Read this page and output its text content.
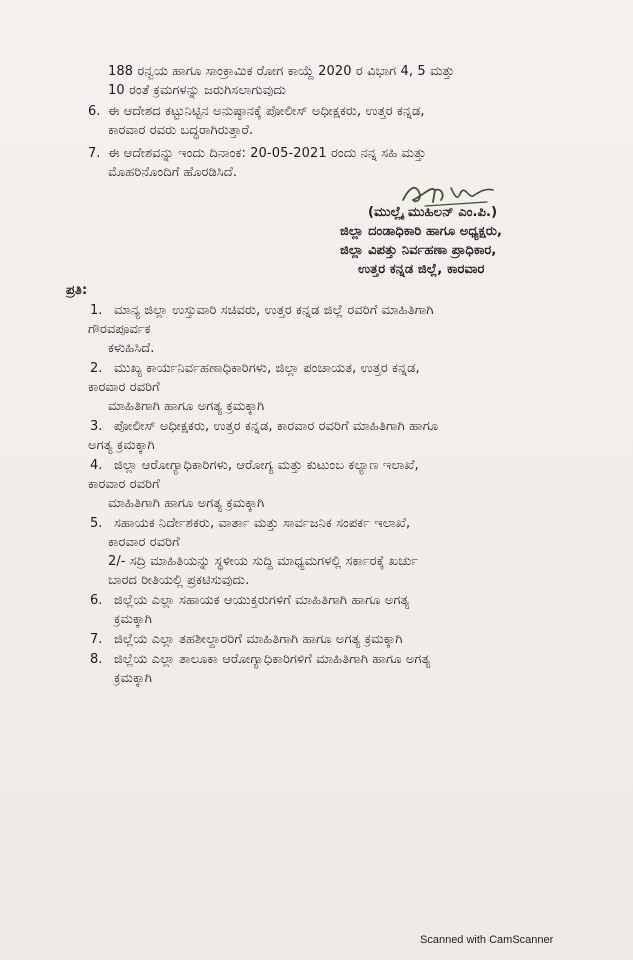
188 ರನ್ವಯ ಹಾಗೂ ಸಾಂಕ್ರಾಮಿಕ ರೋಗ ಕಾಯ್ದೆ 2020 ರ ವಿಭಾಗ 4, 5 ಮತ್ತು
10 ರಂತೆ ಕ್ರಮಗಳನ್ನು ಜರುಗಿಸಲಾಗುವುದು
6. ಈ ಆದೇಶದ ಕಟ್ಟುನಿಟ್ಟಿನ ಅನುಷ್ಠಾನಕ್ಕೆ ಪೋಲೀಸ್ ಅಧೀಕ್ಷಕರು, ಉತ್ತರ ಕನ್ನಡ,
ಕಾರವಾರ ರವರು ಬದ್ಧರಾಗಿರುತ್ತಾರೆ.
7. ಈ ಆದೇಶವನ್ನು ಇಂದು ದಿನಾಂಕ: 20-05-2021 ರಂದು ನನ್ನ ಸಹಿ ಮತ್ತು
ಮೊಹರಿನೊಂದಿಗೆ ಹೊರಡಿಸಿದೆ.
(ಮುಲ್ಲೈ ಮುಹಿಲನ್ ಎಂ.ಪಿ.)
ಜಿಲ್ಲಾ ದಂಡಾಧಿಕಾರಿ ಹಾಗೂ ಅಧ್ಯಕ್ಷರು,
ಜಿಲ್ಲಾ ವಿಪತ್ತು ನಿರ್ವಹಣಾ ಪ್ರಾಧಿಕಾರ,
ಉತ್ತರ ಕನ್ನಡ ಜಿಲ್ಲೆ, ಕಾರವಾರ
ಪ್ರತಿ:
1. ಮಾನ್ಯ ಜಿಲ್ಲಾ ಉಸ್ತುವಾರಿ ಸಚಿವರು, ಉತ್ತರ ಕನ್ನಡ ಜಿಲ್ಲೆ ರವರಿಗೆ ಮಾಹಿತಿಗಾಗಿ
ಗೌರವಪೂರ್ವಕ
ಕಳುಹಿಸಿದೆ.
2. ಮುಖ್ಯ ಕಾರ್ಯನಿರ್ವಹಣಾಧಿಕಾರಿಗಳು, ಜಿಲ್ಲಾ ಪಂಚಾಯತ, ಉತ್ತರ ಕನ್ನಡ,
ಕಾರವಾರ ರವರಿಗೆ
ಮಾಹಿತಿಗಾಗಿ ಹಾಗೂ ಅಗತ್ಯ ಕ್ರಮಕ್ಕಾಗಿ
3. ಪೋಲೀಸ್ ಅಧೀಕ್ಷಕರು, ಉತ್ತರ ಕನ್ನಡ, ಕಾರವಾರ ರವರಿಗೆ ಮಾಹಿತಿಗಾಗಿ ಹಾಗೂ
ಅಗತ್ಯ ಕ್ರಮಕ್ಕಾಗಿ
4. ಜಿಲ್ಲಾ ಆರೋಗ್ಯಾಧಿಕಾರಿಗಳು, ಆರೋಗ್ಯ ಮತ್ತು ಕುಟುಂಬ ಕಲ್ಯಾಣ ಇಲಾಖೆ,
ಕಾರವಾರ ರವರಿಗೆ
ಮಾಹಿತಿಗಾಗಿ ಹಾಗೂ ಅಗತ್ಯ ಕ್ರಮಕ್ಕಾಗಿ
5. ಸಹಾಯಕ ನಿರ್ದೇಶಕರು, ವಾರ್ತಾ ಮತ್ತು ಸಾರ್ವಜನಿಕ ಸಂಪರ್ಕ ಇಲಾಖೆ,
ಕಾರವಾರ ರವರಿಗೆ
2/- ಸದ್ರಿ ಮಾಹಿತಿಯನ್ನು ಸ್ಥಳೀಯ ಸುದ್ದಿ ಮಾಧ್ಯಮಗಳಲ್ಲಿ ಸರ್ಕಾರಕ್ಕೆ ಖರ್ಚು
ಬಾರದ ರೀತಿಯಲ್ಲಿ ಪ್ರಕಟಿಸುವುದು.
6. ಜಿಲ್ಲೆಯ ಎಲ್ಲಾ ಸಹಾಯಕ ಆಯುಕ್ತರುಗಳಿಗೆ ಮಾಹಿತಿಗಾಗಿ ಹಾಗೂ ಅಗತ್ಯ
ಕ್ರಮಕ್ಕಾಗಿ
7. ಜಿಲ್ಲೆಯ ಎಲ್ಲಾ ತಹಶೀಲ್ದಾರರಿಗೆ ಮಾಹಿತಿಗಾಗಿ ಹಾಗೂ ಅಗತ್ಯ ಕ್ರಮಕ್ಕಾಗಿ
8. ಜಿಲ್ಲೆಯ ಎಲ್ಲಾ ತಾಲೂಕಾ ಆರೋಗ್ಯಾಧಿಕಾರಿಗಳಿಗೆ ಮಾಹಿತಿಗಾಗಿ ಹಾಗೂ ಅಗತ್ಯ
ಕ್ರಮಕ್ಕಾಗಿ
Scanned with CamScanner
